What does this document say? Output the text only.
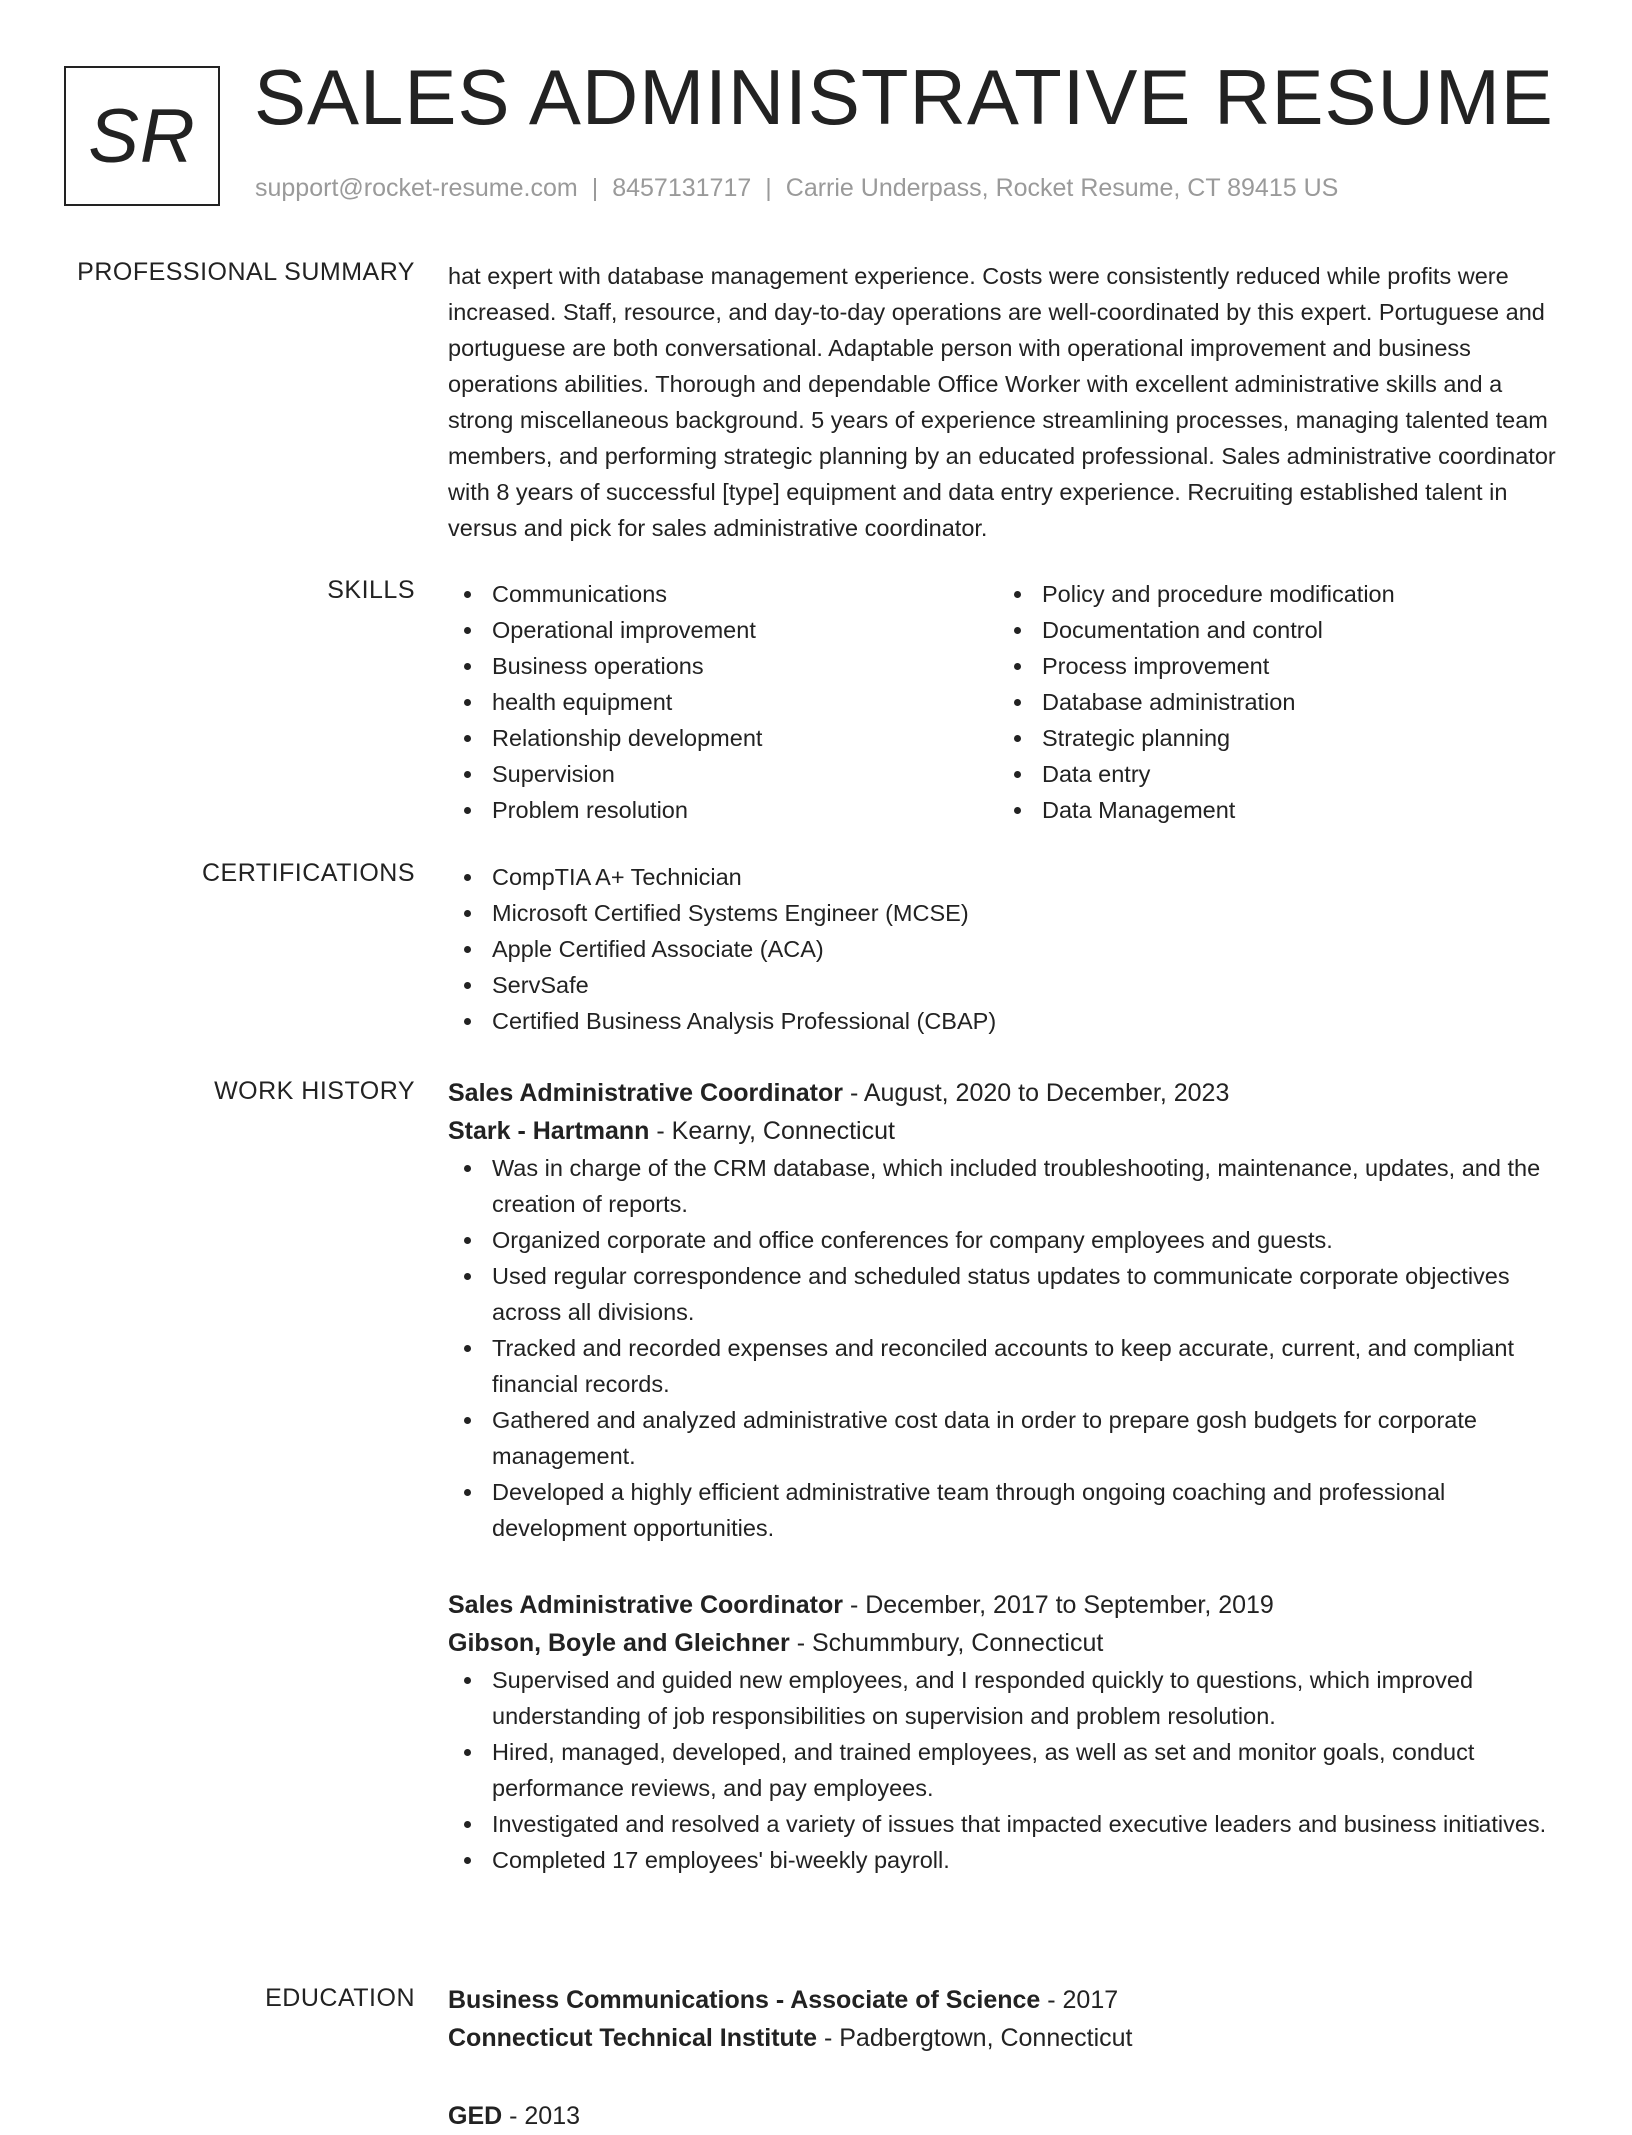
SR SALES ADMINISTRATIVE RESUME
support@rocket-resume.com | 8457131717 | Carrie Underpass, Rocket Resume, CT 89415 US
PROFESSIONAL SUMMARY hat expert with database management experience. Costs were consistently reduced while profits were increased. Staff, resource, and day-to-day operations are well-coordinated by this expert. Portuguese and portuguese are both conversational. Adaptable person with operational improvement and business operations abilities. Thorough and dependable Office Worker with excellent administrative skills and a strong miscellaneous background. 5 years of experience streamlining processes, managing talented team members, and performing strategic planning by an educated professional. Sales administrative coordinator with 8 years of successful [type] equipment and data entry experience. Recruiting established talent in versus and pick for sales administrative coordinator.

SKILLS	Communications
Operational improvement
Business operations
health equipment
Relationship development
Supervision
Problem resolution
Policy and procedure modification
Documentation and control
Process improvement
Database administration
Strategic planning
Data entry
Data Management
CERTIFICATIONS	CompTIA A+ Technician
Microsoft Certified Systems Engineer (MCSE)
Apple Certified Associate (ACA)
ServSafe
Certified Business Analysis Professional (CBAP)
WORK HISTORY Sales Administrative Coordinator - August, 2020 to December, 2023
Stark - Hartmann - Kearny, Connecticut
Was in charge of the CRM database, which included troubleshooting, maintenance, updates, and the creation of reports.
Organized corporate and office conferences for company employees and guests.
Used regular correspondence and scheduled status updates to communicate corporate objectives across all divisions.
Tracked and recorded expenses and reconciled accounts to keep accurate, current, and compliant financial records.
Gathered and analyzed administrative cost data in order to prepare gosh budgets for corporate management.
Developed a highly efficient administrative team through ongoing coaching and professional development opportunities.
Sales Administrative Coordinator - December, 2017 to September, 2019
Gibson, Boyle and Gleichner - Schummbury, Connecticut
Supervised and guided new employees, and I responded quickly to questions, which improved understanding of job responsibilities on supervision and problem resolution.
Hired, managed, developed, and trained employees, as well as set and monitor goals, conduct performance reviews, and pay employees.
Investigated and resolved a variety of issues that impacted executive leaders and business initiatives.
Completed 17 employees' bi-weekly payroll.
EDUCATION Business Communications - Associate of Science - 2017
Connecticut Technical Institute - Padbergtown, Connecticut
GED - 2013
